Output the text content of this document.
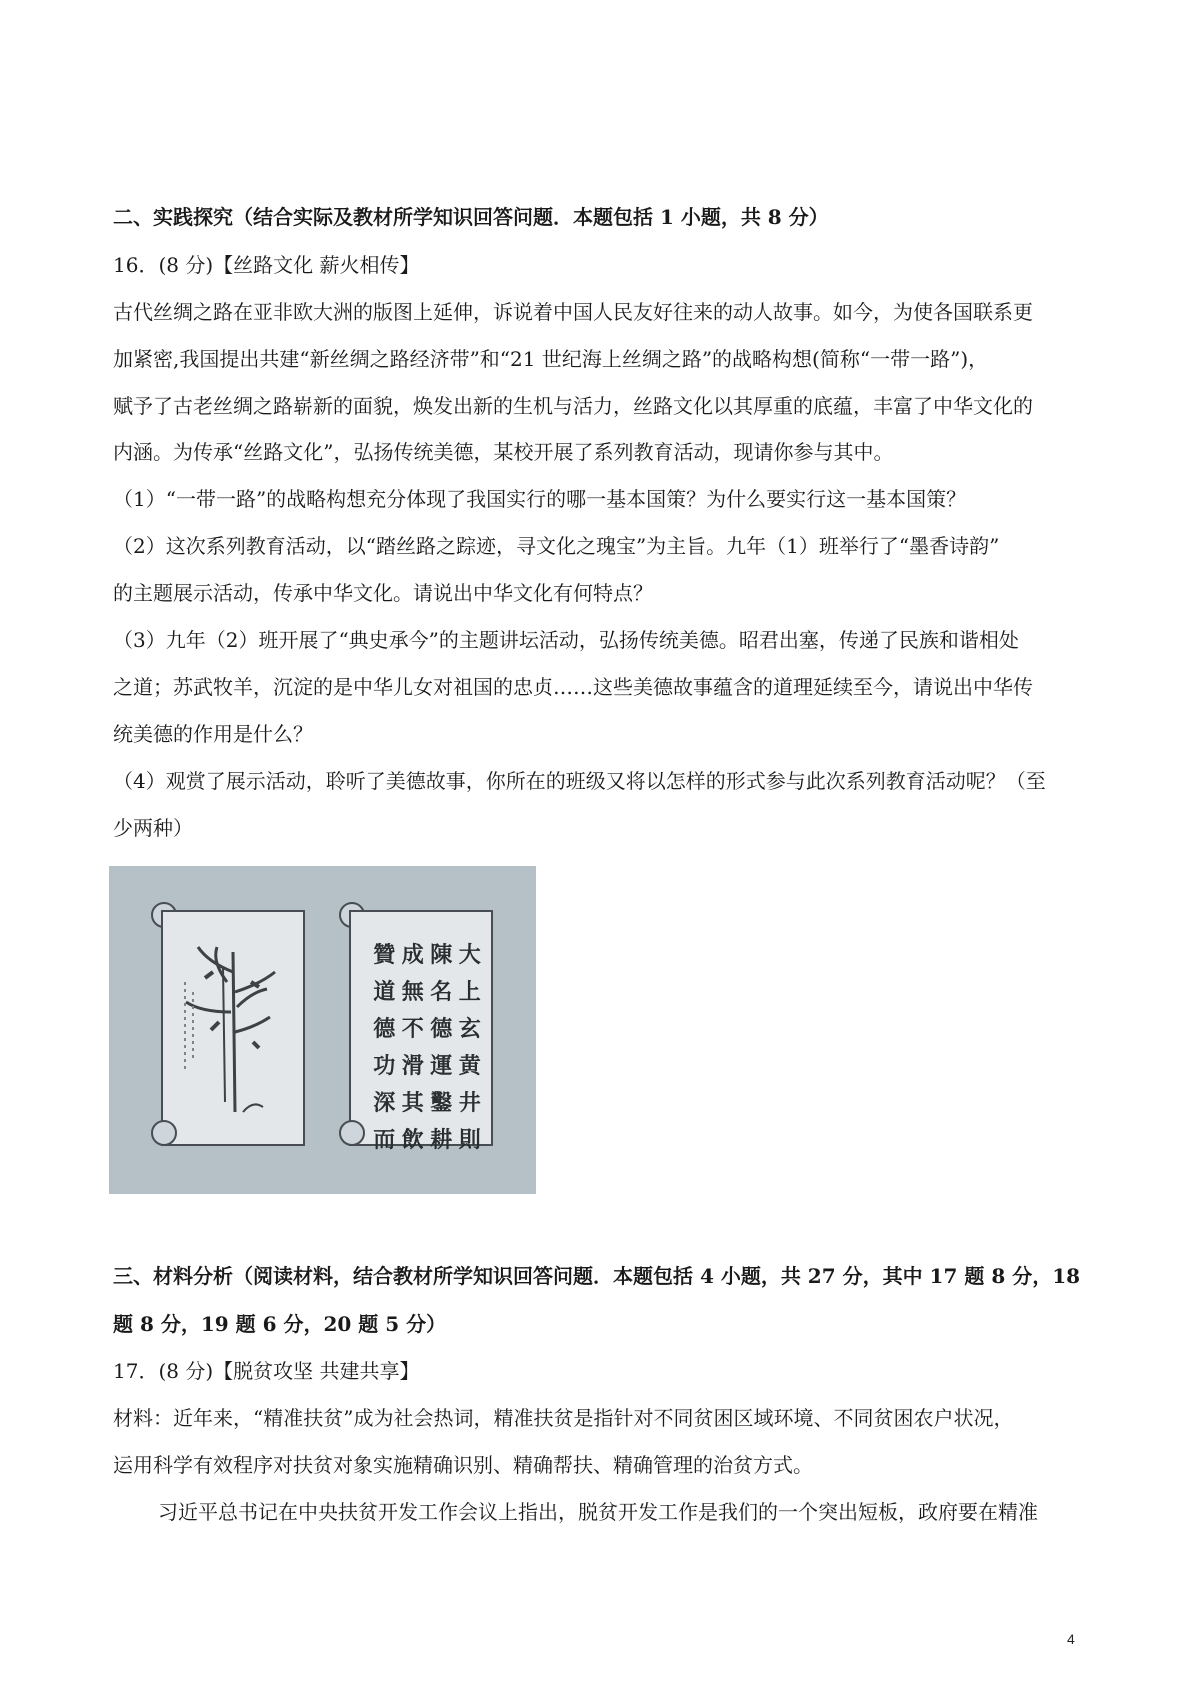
二、实践探究（结合实际及教材所学知识回答问题．本题包括 1 小题，共 8 分）
16．(8 分)【丝路文化 薪火相传】
古代丝绸之路在亚非欧大洲的版图上延伸，诉说着中国人民友好往来的动人故事。如今，为使各国联系更
加紧密,我国提出共建“新丝绸之路经济带”和“21 世纪海上丝绸之路”的战略构想(简称“一带一路”)，
赋予了古老丝绸之路崭新的面貌，焕发出新的生机与活力，丝路文化以其厚重的底蕴，丰富了中华文化的
内涵。为传承“丝路文化”，弘扬传统美德，某校开展了系列教育活动，现请你参与其中。
（1）“一带一路”的战略构想充分体现了我国实行的哪一基本国策？为什么要实行这一基本国策？
（2）这次系列教育活动，以“踏丝路之踪迹，寻文化之瑰宝”为主旨。九年（1）班举行了“墨香诗韵”
的主题展示活动，传承中华文化。请说出中华文化有何特点？
（3）九年（2）班开展了“典史承今”的主题讲坛活动，弘扬传统美德。昭君出塞，传递了民族和谐相处
之道；苏武牧羊，沉淀的是中华儿女对祖国的忠贞……这些美德故事蕴含的道理延续至今，请说出中华传
统美德的作用是什么？
（4）观赏了展示活动，聆听了美德故事，你所在的班级又将以怎样的形式参与此次系列教育活动呢？（至
少两种）
贊 成 陳 大
道 無 名 上
德 不 德 玄
功 滑 運 黄
深 其 鑿 井
而 飲 耕 則
三、材料分析（阅读材料，结合教材所学知识回答问题．本题包括 4 小题，共 27 分，其中 17 题 8 分，18
题 8 分，19 题 6 分，20 题 5 分）
17．(8 分)【脱贫攻坚 共建共享】
材料：近年来，“精准扶贫”成为社会热词，精准扶贫是指针对不同贫困区域环境、不同贫困农户状况，
运用科学有效程序对扶贫对象实施精确识别、精确帮扶、精确管理的治贫方式。
习近平总书记在中央扶贫开发工作会议上指出，脱贫开发工作是我们的一个突出短板，政府要在精准
4
